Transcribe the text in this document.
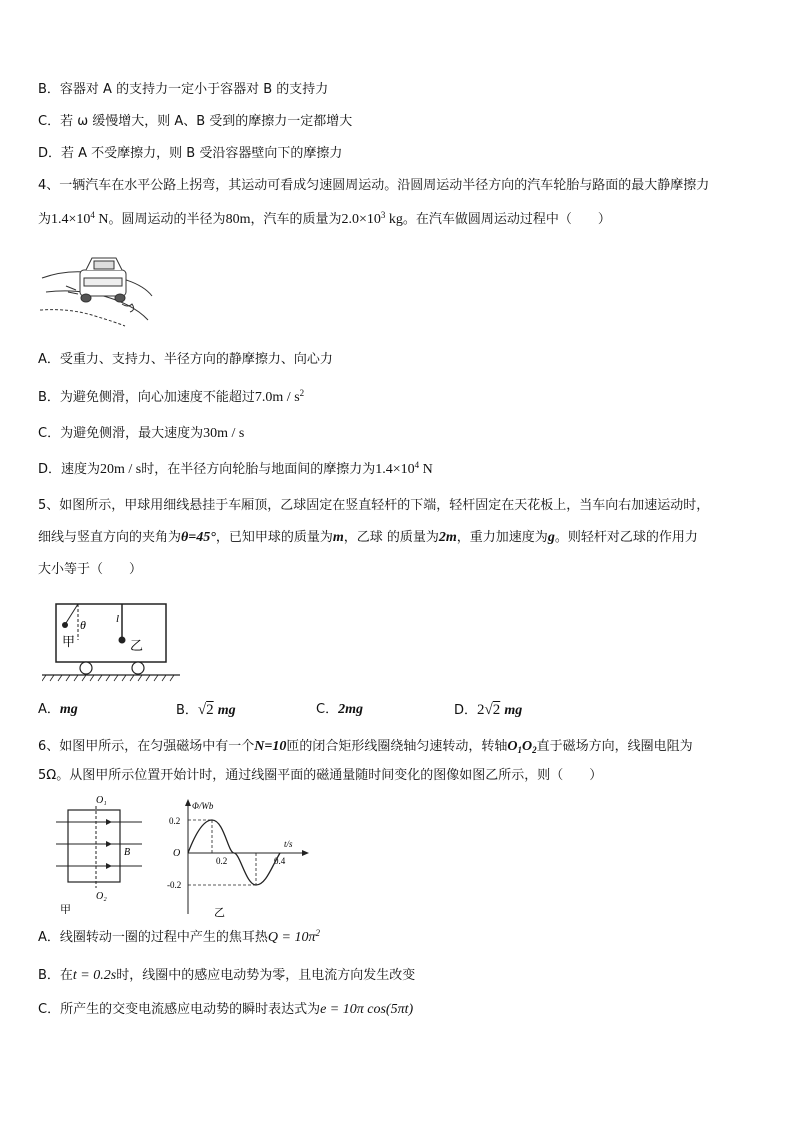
B．容器对 A 的支持力一定小于容器对 B 的支持力
C．若 ω 缓慢增大，则 A、B 受到的摩擦力一定都增大
D．若 A 不受摩擦力，则 B 受沿容器壁向下的摩擦力
4、一辆汽车在水平公路上拐弯，其运动可看成匀速圆周运动。沿圆周运动半径方向的汽车轮胎与路面的最大静摩擦力
为$1.4\times 10^4$ N。圆周运动的半径为80m，汽车的质量为$2.0\times 10^3$ kg。在汽车做圆周运动过程中（　　）
A．受重力、支持力、半径方向的静摩擦力、向心力
B．为避免侧滑，向心加速度不能超过$7.0m / s^2$
C．为避免侧滑，最大速度为30m / s
D．速度为20m / s时，在半径方向轮胎与地面间的摩擦力为$1.4\times 10^4$ N
5、如图所示，甲球用细线悬挂于车厢顶，乙球固定在竖直轻杆的下端，轻杆固定在天花板上，当车向右加速运动时，
细线与竖直方向的夹角为θ=45°，已知甲球的质量为m，乙球 的质量为2m，重力加速度为g。则轻杆对乙球的作用力
大小等于（　　）
θ
甲
l
乙
A．mg	B．√2 mg	C．2mg	D．2√2 mg
6、如图甲所示，在匀强磁场中有一个N=10匝的闭合矩形线圈绕轴匀速转动，转轴$O_1O_2$直于磁场方向，线圈电阻为
5Ω。从图甲所示位置开始计时，通过线圈平面的磁通量随时间变化的图像如图乙所示，则（　　）
O₁
B
O₂
甲
Φ/Wb
t/s
O
0.2
-0.2
0.2	0.4
乙
A．线圈转动一圈的过程中产生的焦耳热$Q = 10\pi^2$
B．在t = 0.2s时，线圈中的感应电动势为零，且电流方向发生改变
C．所产生的交变电流感应电动势的瞬时表达式为e = 10π cos(5πt)
